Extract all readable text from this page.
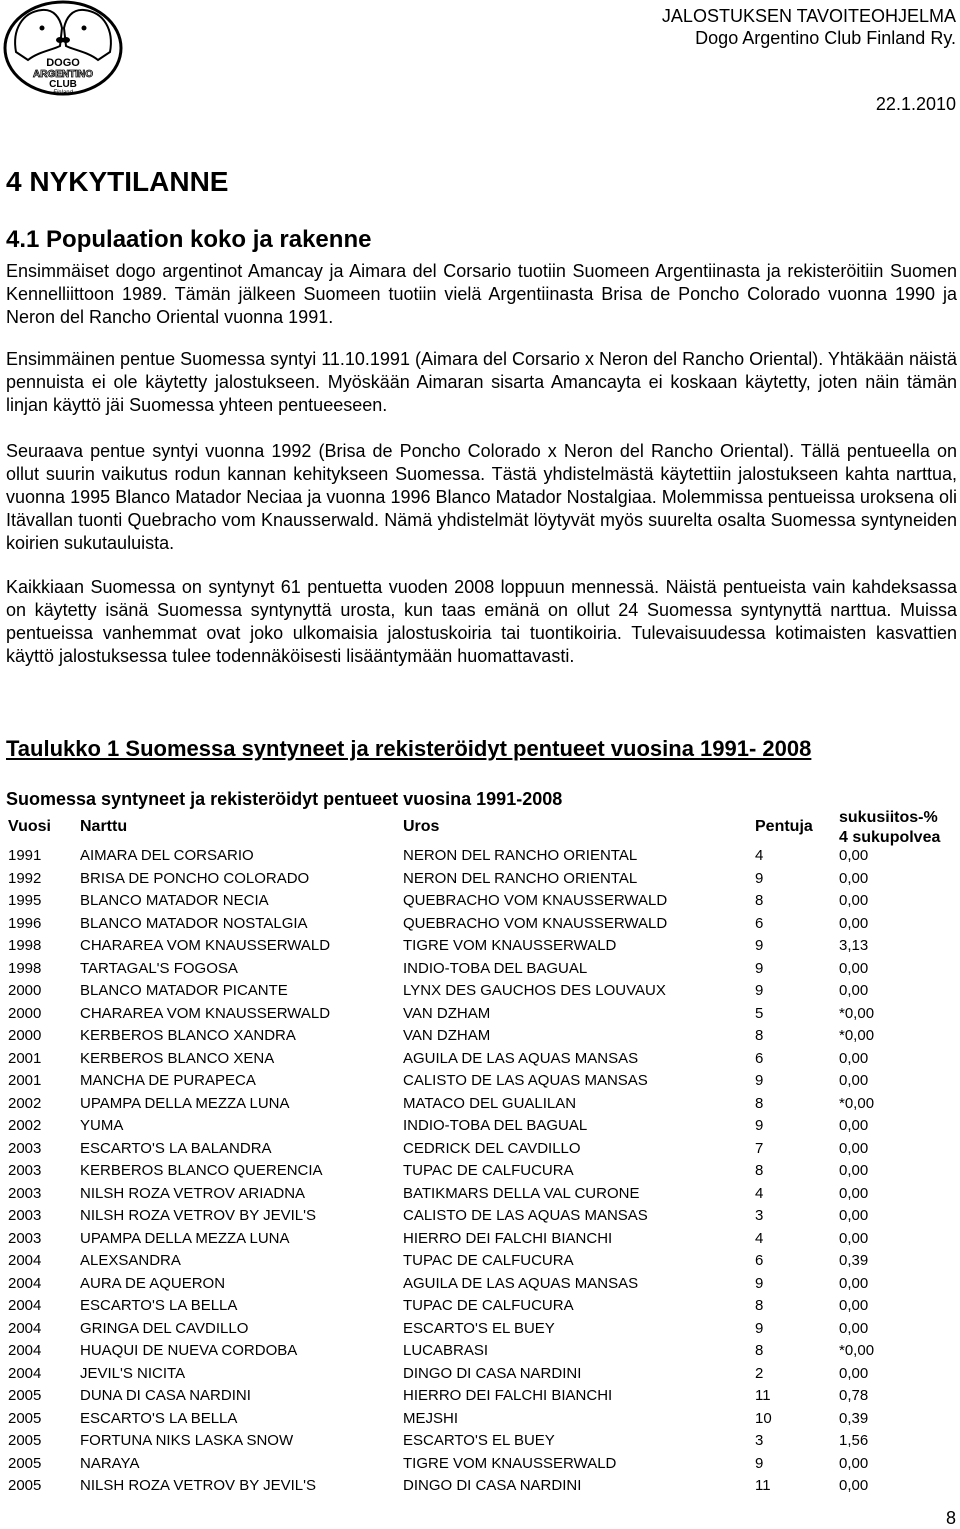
DOGO
ARGENTINO
CLUB
Finland
JALOSTUKSEN TAVOITEOHJELMA
Dogo Argentino Club Finland Ry.
22.1.2010
4 NYKYTILANNE
4.1 Populaation koko ja rakenne

Ensimmäiset dogo argentinot Amancay ja Aimara del Corsario tuotiin Suomeen Argentiinasta ja rekisteröitiin Suomen Kennelliittoon 1989. Tämän jälkeen Suomeen tuotiin vielä Argentiinasta Brisa de Poncho Colorado vuonna 1990 ja Neron del Rancho Oriental vuonna 1991.

Ensimmäinen pentue Suomessa syntyi 11.10.1991 (Aimara del Corsario x Neron del Rancho Oriental). Yhtäkään näistä pennuista ei ole käytetty jalostukseen. Myöskään Aimaran sisarta Amancayta ei koskaan käytetty, joten näin tämän linjan käyttö jäi Suomessa yhteen pentueeseen.

Seuraava pentue syntyi vuonna 1992 (Brisa de Poncho Colorado x Neron del Rancho Oriental). Tällä pentueella on ollut suurin vaikutus rodun kannan kehitykseen Suomessa. Tästä yhdistelmästä käytettiin jalostukseen kahta narttua, vuonna 1995 Blanco Matador Neciaa ja vuonna 1996 Blanco Matador Nostalgiaa. Molemmissa pentueissa uroksena oli Itävallan tuonti Quebracho vom Knausserwald. Nämä yhdistelmät löytyvät myös suurelta osalta Suomessa syntyneiden koirien sukutauluista.

Kaikkiaan Suomessa on syntynyt 61 pentuetta vuoden 2008 loppuun mennessä. Näistä pentueista vain kahdeksassa on käytetty isänä Suomessa syntynyttä urosta, kun taas emänä on ollut 24 Suomessa syntynyttä narttua. Muissa pentueissa vanhemmat ovat joko ulkomaisia jalostuskoiria tai tuontikoiria. Tulevaisuudessa kotimaisten kasvattien käyttö jalostuksessa tulee todennäköisesti lisääntymään huomattavasti.

Taulukko 1 Suomessa syntyneet ja rekisteröidyt pentueet vuosina 1991- 2008
Suomessa syntyneet ja rekisteröidyt pentueet vuosina 1991-2008
Vuosi Narttu	Uros	Pentuja
sukusiitos-%
4 sukupolvea
1991	AIMARA DEL CORSARIO	NERON DEL RANCHO ORIENTAL	4	0,00
1992	BRISA DE PONCHO COLORADO	NERON DEL RANCHO ORIENTAL	9	0,00
1995	BLANCO MATADOR NECIA	QUEBRACHO VOM KNAUSSERWALD	8	0,00
1996	BLANCO MATADOR NOSTALGIA	QUEBRACHO VOM KNAUSSERWALD	6	0,00
1998	CHARAREA VOM KNAUSSERWALD	TIGRE VOM KNAUSSERWALD	9	3,13
1998	TARTAGAL'S FOGOSA	INDIO-TOBA DEL BAGUAL	9	0,00
2000	BLANCO MATADOR PICANTE	LYNX DES GAUCHOS DES LOUVAUX	9	0,00
2000	CHARAREA VOM KNAUSSERWALD	VAN DZHAM	5	*0,00
2000	KERBEROS BLANCO XANDRA	VAN DZHAM	8	*0,00
2001	KERBEROS BLANCO XENA	AGUILA DE LAS AQUAS MANSAS	6	0,00
2001	MANCHA DE PURAPECA	CALISTO DE LAS AQUAS MANSAS	9	0,00
2002	UPAMPA DELLA MEZZA LUNA	MATACO DEL GUALILAN	8	*0,00
2002	YUMA	INDIO-TOBA DEL BAGUAL	9	0,00
2003	ESCARTO'S LA BALANDRA	CEDRICK DEL CAVDILLO	7	0,00
2003	KERBEROS BLANCO QUERENCIA	TUPAC DE CALFUCURA	8	0,00
2003	NILSH ROZA VETROV ARIADNA	BATIKMARS DELLA VAL CURONE	4	0,00
2003	NILSH ROZA VETROV BY JEVIL'S	CALISTO DE LAS AQUAS MANSAS	3	0,00
2003	UPAMPA DELLA MEZZA LUNA	HIERRO DEI FALCHI BIANCHI	4	0,00
2004	ALEXSANDRA	TUPAC DE CALFUCURA	6	0,39
2004	AURA DE AQUERON	AGUILA DE LAS AQUAS MANSAS	9	0,00
2004	ESCARTO'S LA BELLA	TUPAC DE CALFUCURA	8	0,00
2004	GRINGA DEL CAVDILLO	ESCARTO'S EL BUEY	9	0,00
2004	HUAQUI DE NUEVA CORDOBA	LUCABRASI	8	*0,00
2004	JEVIL'S NICITA	DINGO DI CASA NARDINI	2	0,00
2005	DUNA DI CASA NARDINI	HIERRO DEI FALCHI BIANCHI	11	0,78
2005	ESCARTO'S LA BELLA	MEJSHI	10	0,39
2005	FORTUNA NIKS LASKA SNOW	ESCARTO'S EL BUEY	3	1,56
2005	NARAYA	TIGRE VOM KNAUSSERWALD	9	0,00
2005	NILSH ROZA VETROV BY JEVIL'S	DINGO DI CASA NARDINI	11	0,00
8
